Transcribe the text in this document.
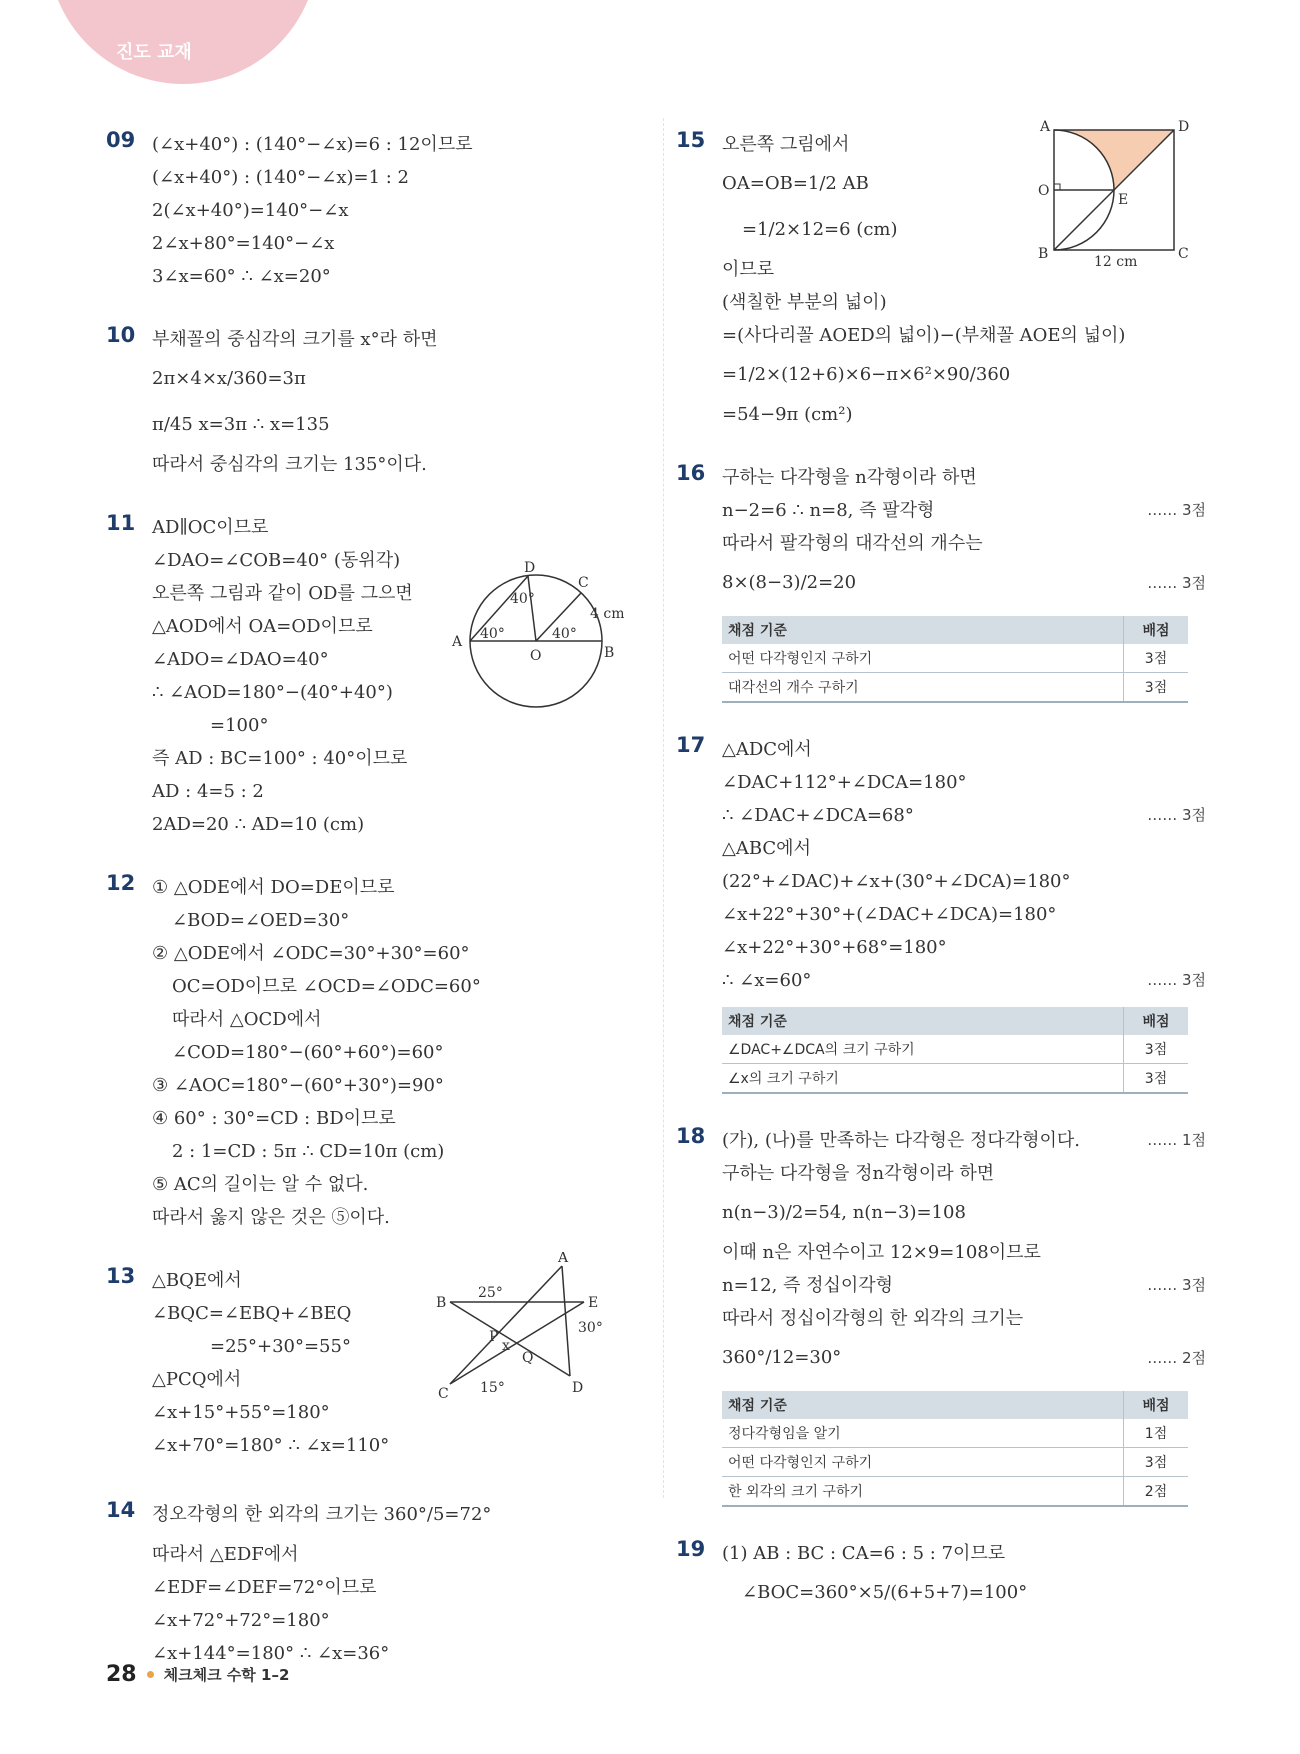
진도 교재
09 (∠x+40°) : (140°−∠x)=6 : 12이므로
(∠x+40°) : (140°−∠x)=1 : 2
2(∠x+40°)=140°−∠x
2∠x+80°=140°−∠x
3∠x=60° ∴ ∠x=20°
10 부채꼴의 중심각의 크기를 x°라 하면
2π×4×x/360=3π
π/45 x=3π ∴ x=135
따라서 중심각의 크기는 135°이다.
11 AD∥OC이므로
∠DAO=∠COB=40° (동위각)
오른쪽 그림과 같이 OD를 그으면
△AOD에서 OA=OD이므로
∠ADO=∠DAO=40°
∴ ∠AOD=180°−(40°+40°)
=100°
즉 AD : BC=100° : 40°이므로
AD : 4=5 : 2
2AD=20 ∴ AD=10 (cm)
A
B
C
D
O
40°
40°
40°
4 cm
12 ① △ODE에서 DO=DE이므로
∠BOD=∠OED=30°
② △ODE에서 ∠ODC=30°+30°=60°
OC=OD이므로 ∠OCD=∠ODC=60°
따라서 △OCD에서
∠COD=180°−(60°+60°)=60°
③ ∠AOC=180°−(60°+30°)=90°
④ 60° : 30°=CD : BD이므로
2 : 1=CD : 5π ∴ CD=10π (cm)
⑤ AC의 길이는 알 수 없다.
따라서 옳지 않은 것은 ⑤이다.
13 △BQE에서
∠BQC=∠EBQ+∠BEQ
=25°+30°=55°
△PCQ에서
∠x+15°+55°=180°
∠x+70°=180° ∴ ∠x=110°
A
B
C	D
E
P
Q
x
25°
30°
15°
14 정오각형의 한 외각의 크기는 360°/5=72°
따라서 △EDF에서
∠EDF=∠DEF=72°이므로
∠x+72°+72°=180°
∠x+144°=180° ∴ ∠x=36°
15 오른쪽 그림에서
OA=OB=1/2 AB
=1/2×12=6 (cm)
이므로
(색칠한 부분의 넓이)
=(사다리꼴 AOED의 넓이)−(부채꼴 AOE의 넓이)
=1/2×(12+6)×6−π×6²×90/360
=54−9π (cm²)
A	D
O
E
B	C
12 cm
16 구하는 다각형을 n각형이라 하면
n−2=6 ∴ n=8, 즉 팔각형	…… 3점
따라서 팔각형의 대각선의 개수는
8×(8−3)/2=20	…… 3점
채점 기준	배점
어떤 다각형인지 구하기	3점
대각선의 개수 구하기	3점
17 △ADC에서
∠DAC+112°+∠DCA=180°
∴ ∠DAC+∠DCA=68°	…… 3점
△ABC에서
(22°+∠DAC)+∠x+(30°+∠DCA)=180°
∠x+22°+30°+(∠DAC+∠DCA)=180°
∠x+22°+30°+68°=180°
∴ ∠x=60°	…… 3점
채점 기준	배점
∠DAC+∠DCA의 크기 구하기	3점
∠x의 크기 구하기	3점
18 (가), (나)를 만족하는 다각형은 정다각형이다.	…… 1점
구하는 다각형을 정n각형이라 하면
n(n−3)/2=54, n(n−3)=108
이때 n은 자연수이고 12×9=108이므로
n=12, 즉 정십이각형	…… 3점
따라서 정십이각형의 한 외각의 크기는
360°/12=30°	…… 2점
채점 기준	배점
정다각형임을 알기	1점
어떤 다각형인지 구하기	3점
한 외각의 크기 구하기	2점
19 (1) AB : BC : CA=6 : 5 : 7이므로
∠BOC=360°×5/(6+5+7)=100°
28 체크체크 수학 1–2
